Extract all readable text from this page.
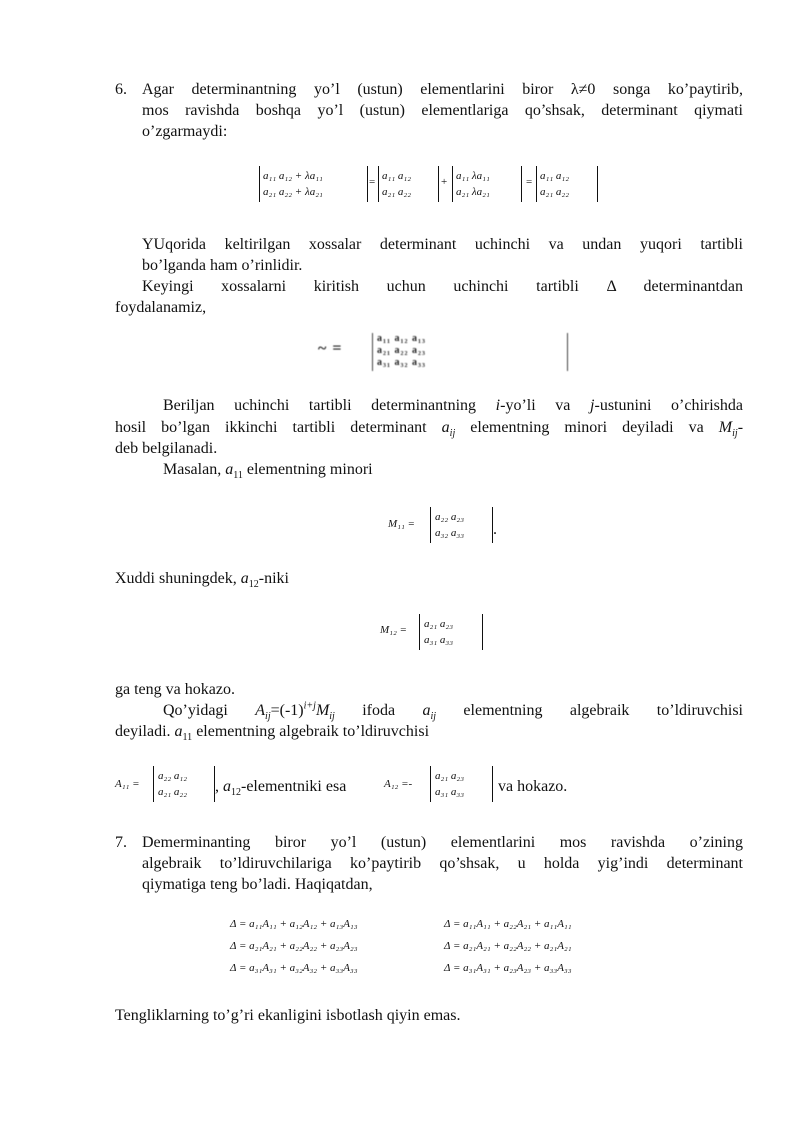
6. Agar determinantning yo’l (ustun) elementlarini biror λ≠0 songa ko’paytirib,
mos ravishda boshqa yo’l (ustun) elementlariga qo’shsak, determinant qiymati
o’zgarmaydi:
a₁₁ a₁₂ + λa₁₁
a₂₁ a₂₂ + λa₂₁
= a₁₁ a₁₂
a₂₁ a₂₂
+ a₁₁ λa₁₁
a₂₁ λa₂₁
= a₁₁ a₁₂
a₂₁ a₂₂
YUqorida keltirilgan xossalar determinant uchinchi va undan yuqori tartibli
bo’lganda ham o’rinlidir.
Keyingi xossalarni kiritish uchun uchinchi tartibli Δ determinantdan
foydalanamiz,
~ =
a₁₁ a₁₂ a₁₃
a₂₁ a₂₂ a₂₃
a₃₁ a₃₂ a₃₃
Beriljan uchinchi tartibli determinantning i-yo’li va j-ustunini o’chirishda
hosil bo’lgan ikkinchi tartibli determinant $a_{ij}$ elementning minori deyiladi va $M_{ij}-$
deb belgilanadi.
Masalan, $a_{11}$ elementning minori
M₁₁ =
a₂₂ a₂₃
a₃₂ a₃₃ .
Xuddi shuningdek, $a_{12}$-niki
M₁₂ = a₂₁ a₂₃
a₃₁ a₃₃
ga teng va hokazo.
Qo’yidagi $A_{ij}=(-1)^{i+j}M_{ij}$ ifoda $a_{ij}$ elementning algebraik to’ldiruvchisi
deyiladi. $a_{11}$ elementning algebraik to’ldiruvchisi
A₁₁ =
a₂₂ a₁₂
a₂₁ a₂₂ , $a_{12}$-elementniki esa	A₁₂ =-
a₂₁ a₂₃
a₃₁ a₃₃ va hokazo.
7. Demerminanting biror yo’l (ustun) elementlarini mos ravishda o’zining
algebraik to’ldiruvchilariga ko’paytirib qo’shsak, u holda yig’indi determinant
qiymatiga teng bo’ladi. Haqiqatdan,
Δ = a₁₁A₁₁ + a₁₂A₁₂ + a₁₃A₁₃
Δ = a₂₁A₂₁ + a₂₂A₂₂ + a₂₃A₂₃
Δ = a₃₁A₃₁ + a₃₂A₃₂ + a₃₃A₃₃
Δ = a₁₁A₁₁ + a₂₂A₂₁ + a₁₁A₁₁
Δ = a₂₁A₂₁ + a₂₂A₂₂ + a₂₁A₂₁
Δ = a₃₁A₃₁ + a₂₃A₂₃ + a₃₃A₃₃
Tengliklarning to’g’ri ekanligini isbotlash qiyin emas.
